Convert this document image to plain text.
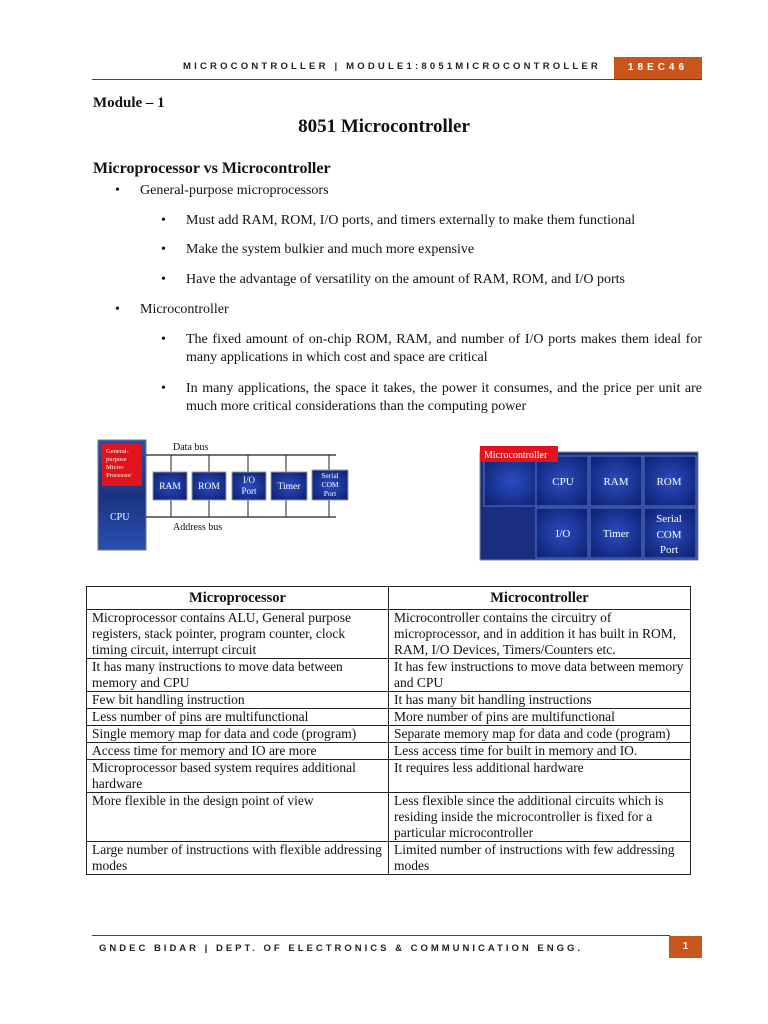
MICROCONTROLLER | MODULE1:8051MICROCONTROLLER	18EC46
Module – 1
8051 Microcontroller
Microprocessor vs Microcontroller
• General-purpose microprocessors
• Must add RAM, ROM, I/O ports, and timers externally to make them functional
• Make the system bulkier and much more expensive
• Have the advantage of versatility on the amount of RAM, ROM, and I/O ports
• Microcontroller
• The fixed amount of on-chip ROM, RAM, and number of I/O ports makes them ideal for many applications in which cost and space are critical
• In many applications, the space it takes, the power it consumes, and the price per unit are much more critical considerations than the computing power
General-
purpose
Micro-
Processor
CPU
Data bus
Address bus
RAM ROM
I/O
Port Timer
Serial
COM
Port
Microcontroller
CPU	RAM	ROM
I/O	Timer
Serial
COM
Port
Microprocessor	Microcontroller
Microprocessor contains ALU, General purpose registers, stack pointer, program counter, clock timing circuit, interrupt circuit	Microcontroller contains the circuitry of microprocessor, and in addition it has built in ROM, RAM, I/O Devices, Timers/Counters etc.
It has many instructions to move data between memory and CPU	It has few instructions to move data between memory and CPU
Few bit handling instruction	It has many bit handling instructions
Less number of pins are multifunctional	More number of pins are multifunctional
Single memory map for data and code (program)	Separate memory map for data and code (program)
Access time for memory and IO are more	Less access time for built in memory and IO.
Microprocessor based system requires additional hardware	It requires less additional hardware
More flexible in the design point of view	Less flexible since the additional circuits which is residing inside the microcontroller is fixed for a particular microcontroller
Large number of instructions with flexible addressing modes	Limited number of instructions with few addressing modes
GNDEC BIDAR | DEPT. OF ELECTRONICS & COMMUNICATION ENGG.	1
